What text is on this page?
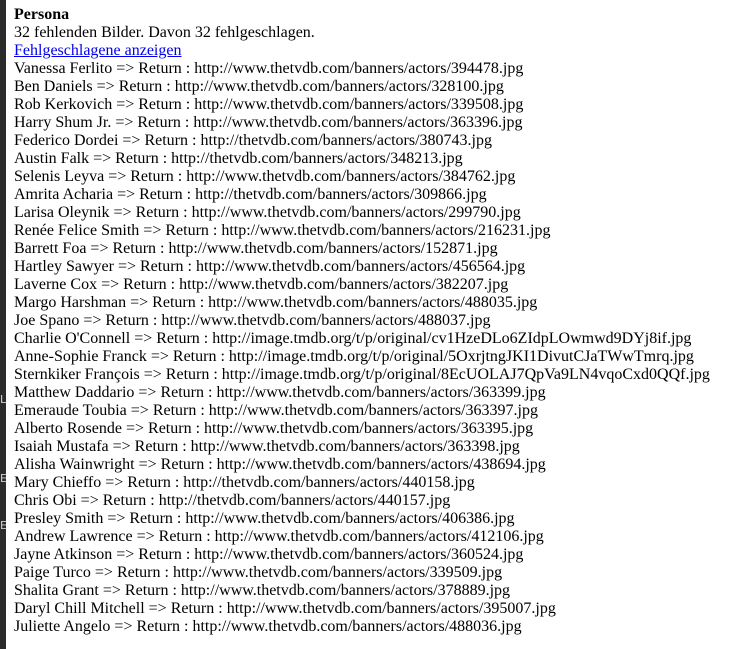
L
E
E
Persona
32 fehlenden Bilder. Davon 32 fehlgeschlagen.
Fehlgeschlagene anzeigen
Vanessa Ferlito => Return : http://www.thetvdb.com/banners/actors/394478.jpg
Ben Daniels => Return : http://www.thetvdb.com/banners/actors/328100.jpg
Rob Kerkovich => Return : http://www.thetvdb.com/banners/actors/339508.jpg
Harry Shum Jr. => Return : http://www.thetvdb.com/banners/actors/363396.jpg
Federico Dordei => Return : http://thetvdb.com/banners/actors/380743.jpg
Austin Falk => Return : http://thetvdb.com/banners/actors/348213.jpg
Selenis Leyva => Return : http://www.thetvdb.com/banners/actors/384762.jpg
Amrita Acharia => Return : http://thetvdb.com/banners/actors/309866.jpg
Larisa Oleynik => Return : http://www.thetvdb.com/banners/actors/299790.jpg
Renée Felice Smith => Return : http://www.thetvdb.com/banners/actors/216231.jpg
Barrett Foa => Return : http://www.thetvdb.com/banners/actors/152871.jpg
Hartley Sawyer => Return : http://www.thetvdb.com/banners/actors/456564.jpg
Laverne Cox => Return : http://www.thetvdb.com/banners/actors/382207.jpg
Margo Harshman => Return : http://www.thetvdb.com/banners/actors/488035.jpg
Joe Spano => Return : http://www.thetvdb.com/banners/actors/488037.jpg
Charlie O'Connell => Return : http://image.tmdb.org/t/p/original/cv1HzeDLo6ZIdpLOwmwd9DYj8if.jpg
Anne-Sophie Franck => Return : http://image.tmdb.org/t/p/original/5OxrjtngJKI1DivutCJaTWwTmrq.jpg
Sternkiker François => Return : http://image.tmdb.org/t/p/original/8EcUOLAJ7QpVa9LN4vqoCxd0QQf.jpg
Matthew Daddario => Return : http://www.thetvdb.com/banners/actors/363399.jpg
Emeraude Toubia => Return : http://www.thetvdb.com/banners/actors/363397.jpg
Alberto Rosende => Return : http://www.thetvdb.com/banners/actors/363395.jpg
Isaiah Mustafa => Return : http://www.thetvdb.com/banners/actors/363398.jpg
Alisha Wainwright => Return : http://www.thetvdb.com/banners/actors/438694.jpg
Mary Chieffo => Return : http://thetvdb.com/banners/actors/440158.jpg
Chris Obi => Return : http://thetvdb.com/banners/actors/440157.jpg
Presley Smith => Return : http://www.thetvdb.com/banners/actors/406386.jpg
Andrew Lawrence => Return : http://www.thetvdb.com/banners/actors/412106.jpg
Jayne Atkinson => Return : http://www.thetvdb.com/banners/actors/360524.jpg
Paige Turco => Return : http://www.thetvdb.com/banners/actors/339509.jpg
Shalita Grant => Return : http://www.thetvdb.com/banners/actors/378889.jpg
Daryl Chill Mitchell => Return : http://www.thetvdb.com/banners/actors/395007.jpg
Juliette Angelo => Return : http://www.thetvdb.com/banners/actors/488036.jpg
